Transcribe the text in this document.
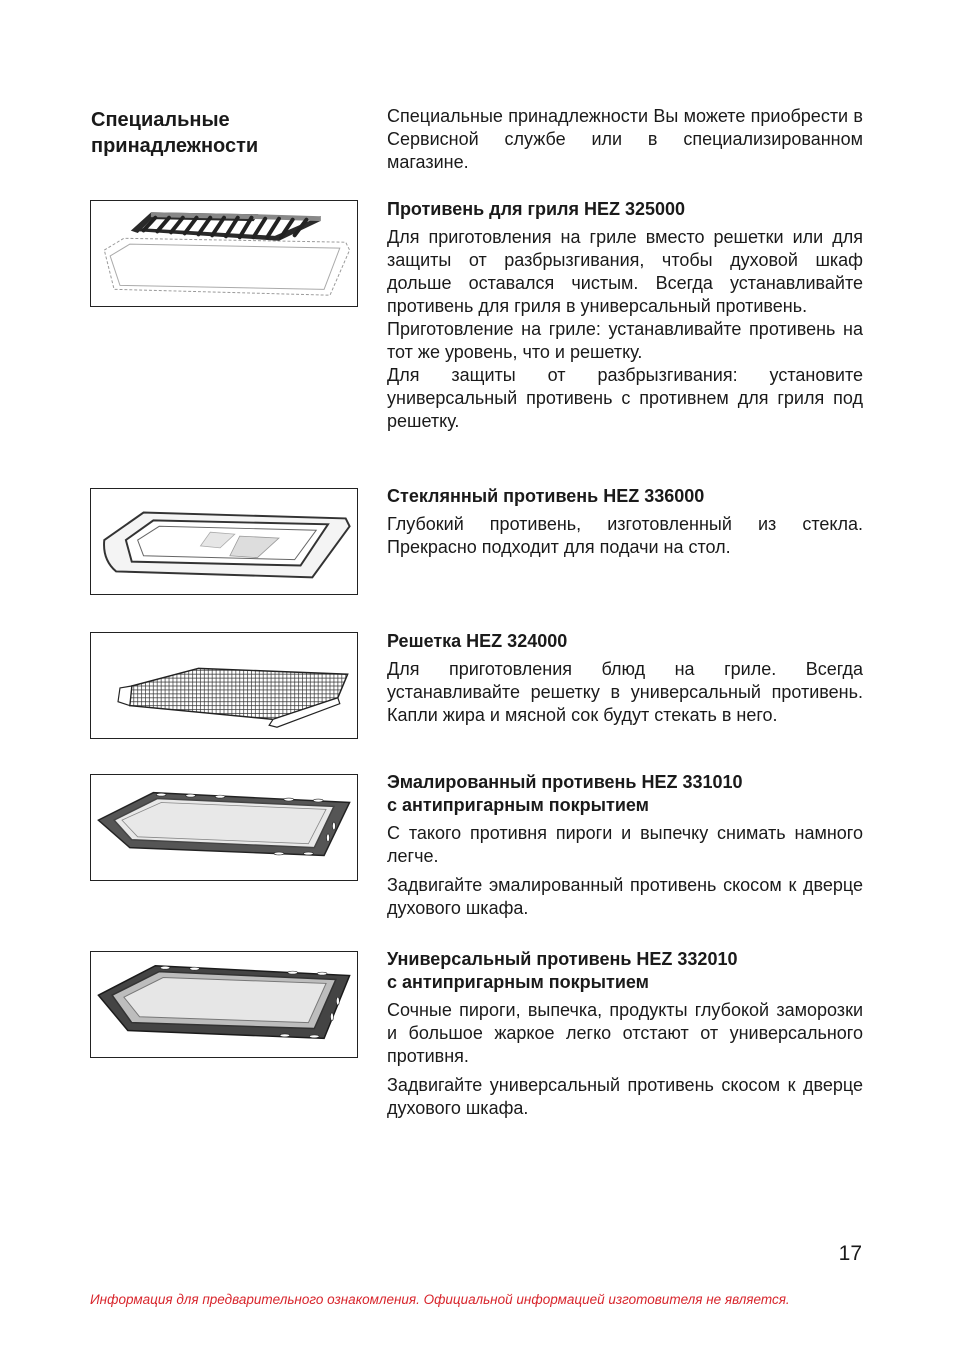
Специальные
принадлежности

Специальные принадлежности Вы можете приобрести в Сервисной службе или в специализированном магазине.

Противень для гриля HEZ 325000

Для приготовления на гриле вместо решетки или для защиты от разбрызгивания, чтобы духовой шкаф дольше оставался чистым. Всегда устанавливайте противень для гриля в универсальный противень.

Приготовление на гриле: устанавливайте противень на тот же уровень, что и решетку.

Для защиты от разбрызгивания: установите универсальный противень с противнем для гриля под решетку.

Стеклянный противень HEZ 336000

Глубокий противень, изготовленный из стекла. Прекрасно подходит для подачи на стол.

Решетка HEZ 324000

Для приготовления блюд на гриле. Всегда устанавливайте решетку в универсальный противень. Капли жира и мясной сок будут стекать в него.

Эмалированный противень HEZ 331010
с антипригарным покрытием

С такого противня пироги и выпечку снимать намного легче.

Задвигайте эмалированный противень скосом к дверце духового шкафа.

Универсальный противень HEZ 332010
с антипригарным покрытием

Сочные пироги, выпечка, продукты глубокой заморозки и большое жаркое легко отстают от универсального противня.

Задвигайте универсальный противень скосом к дверце духового шкафа.

17

Информация для предварительного ознакомления. Официальной информацией изготовителя не является.
